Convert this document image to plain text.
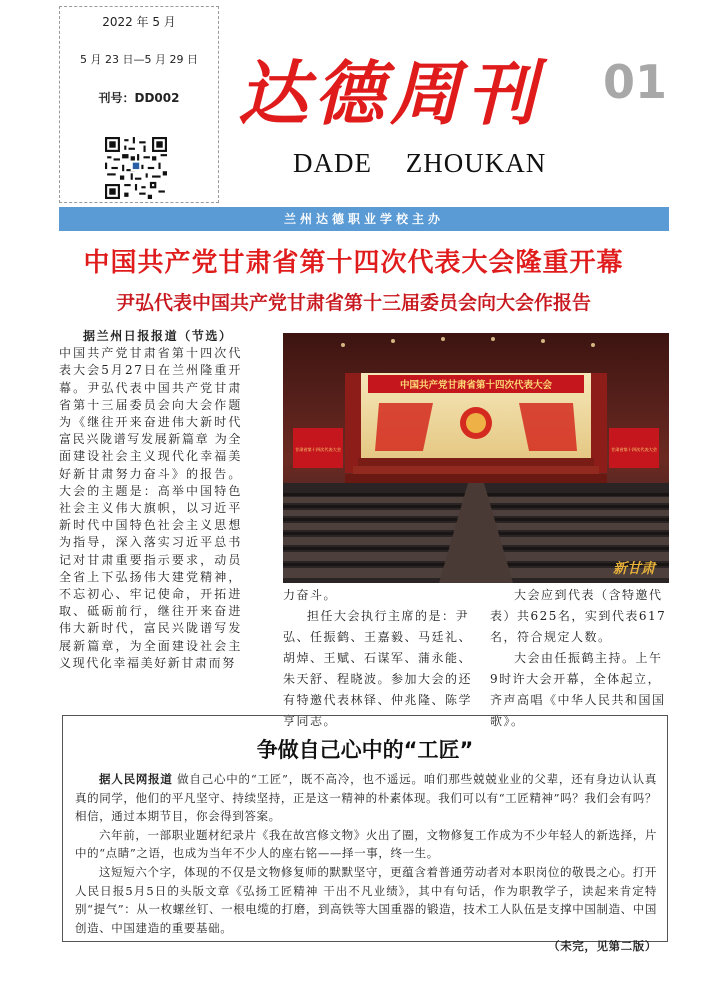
2022 年 5 月
5 月 23 日—5 月 29 日
刊号：DD002 达德周刊 01
DADE ZHOUKAN
兰州达德职业学校主办
中国共产党甘肃省第十四次代表大会隆重开幕
尹弘代表中国共产党甘肃省第十三届委员会向大会作报告
据兰州日报报道（节选）
中国共产党甘肃省第十四次代表大会5月27日在兰州隆重开幕。尹弘代表中国共产党甘肃省第十三届委员会向大会作题为《继往开来奋进伟大新时代 富民兴陇谱写发展新篇章 为全面建设社会主义现代化幸福美好新甘肃努力奋斗》的报告。大会的主题是：高举中国特色社会主义伟大旗帜，以习近平新时代中国特色社会主义思想为指导，深入落实习近平总书记对甘肃重要指示要求，动员全省上下弘扬伟大建党精神，不忘初心、牢记使命，开拓进取、砥砺前行，继往开来奋进伟大新时代，富民兴陇谱写发展新篇章，为全面建设社会主义现代化幸福美好新甘肃而努
中国共产党甘肃省第十四次代表大会
甘肃省第十四次代表大会	甘肃省第十四次代表大会
新甘肃
力奋斗。
担任大会执行主席的是：尹弘、任振鹤、王嘉毅、马廷礼、胡焯、王赋、石谋军、蒲永能、朱天舒、程晓波。参加大会的还有特邀代表林铎、仲兆隆、陈学亨同志。
大会应到代表（含特邀代表）共625名，实到代表617名，符合规定人数。
大会由任振鹤主持。上午9时许大会开幕，全体起立，齐声高唱《中华人民共和国国歌》。
争做自己心中的“工匠”
据人民网报道 做自己心中的“工匠”，既不高冷，也不遥远。咱们那些兢兢业业的父辈，还有身边认认真真的同学，他们的平凡坚守、持续坚持，正是这一精神的朴素体现。我们可以有“工匠精神”吗？我们会有吗？相信，通过本期节目，你会得到答案。
六年前，一部职业题材纪录片《我在故宫修文物》火出了圈，文物修复工作成为不少年轻人的新选择，片中的“点睛”之语，也成为当年不少人的座右铭——择一事，终一生。
这短短六个字，体现的不仅是文物修复师的默默坚守，更蕴含着普通劳动者对本职岗位的敬畏之心。打开人民日报5月5日的头版文章《弘扬工匠精神 干出不凡业绩》，其中有句话，作为职教学子，读起来肯定特别“提气”：从一枚螺丝钉、一根电缆的打磨，到高铁等大国重器的锻造，技术工人队伍是支撑中国制造、中国创造、中国建造的重要基础。
（未完，见第二版）
